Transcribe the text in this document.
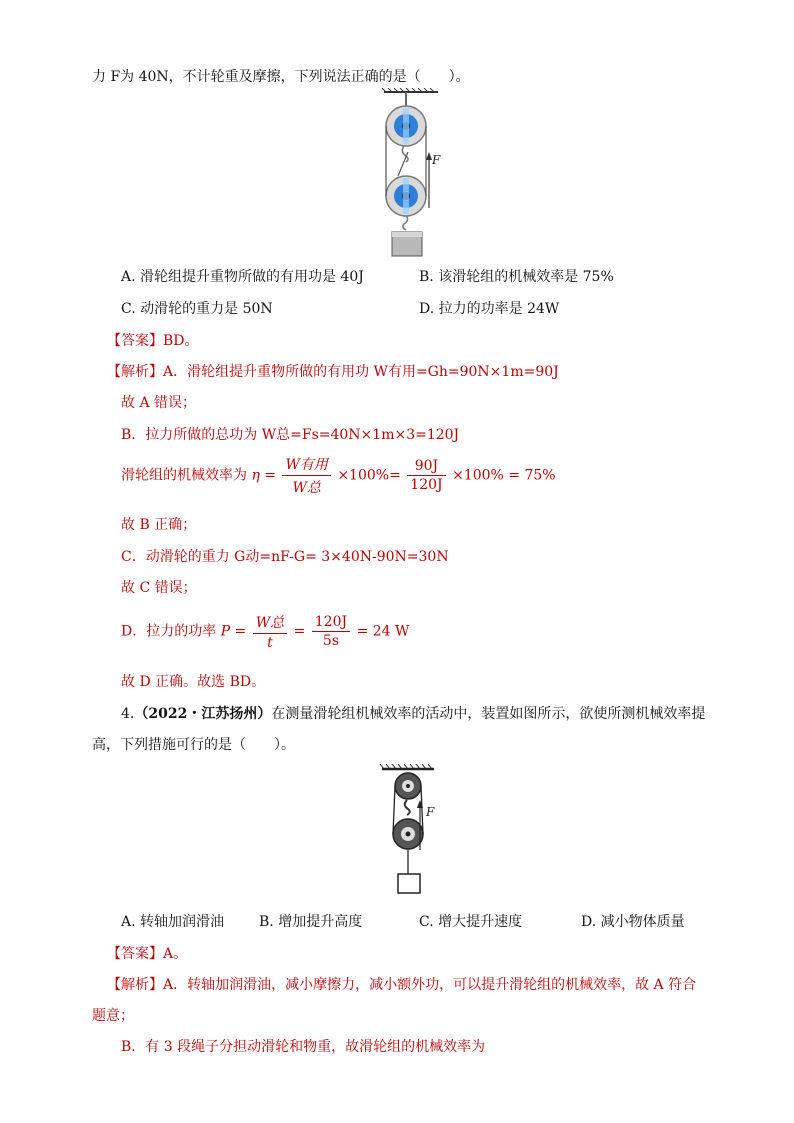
力 F为 40N，不计轮重及摩擦，下列说法正确的是（　　）。
F
A. 滑轮组提升重物所做的有用功是 40J	B. 该滑轮组的机械效率是 75%
C. 动滑轮的重力是 50N	D. 拉力的功率是 24W
【答案】BD。
【解析】A．滑轮组提升重物所做的有用功 W有用=Gh=90N×1m=90J
故 A 错误；
B．拉力所做的总功为 W总=Fs=40N×1m×3=120J
滑轮组的机械效率为 $\eta = \frac{\text{W有用}}{\text{W总}} \times 100\%= \frac{90J}{120J} \times 100\% = 75\%$
故 B 正确；
C．动滑轮的重力 G动=nF-G= 3×40N-90N=30N
故 C 错误；
D．拉力的功率 $P = \frac{\text{W总}}{t} = \frac{120J}{5s} = 24$ W
故 D 正确。故选 BD。
4.（2022・江苏扬州）在测量滑轮组机械效率的活动中，装置如图所示，欲使所测机械效率提
高，下列措施可行的是（　　）。
F
A. 转轴加润滑油 B. 增加提升高度	C. 增大提升速度	D. 减小物体质量
【答案】A。
【解析】A．转轴加润滑油，减小摩擦力，减小额外功，可以提升滑轮组的机械效率，故 A 符合
题意；
B．有 3 段绳子分担动滑轮和物重，故滑轮组的机械效率为
